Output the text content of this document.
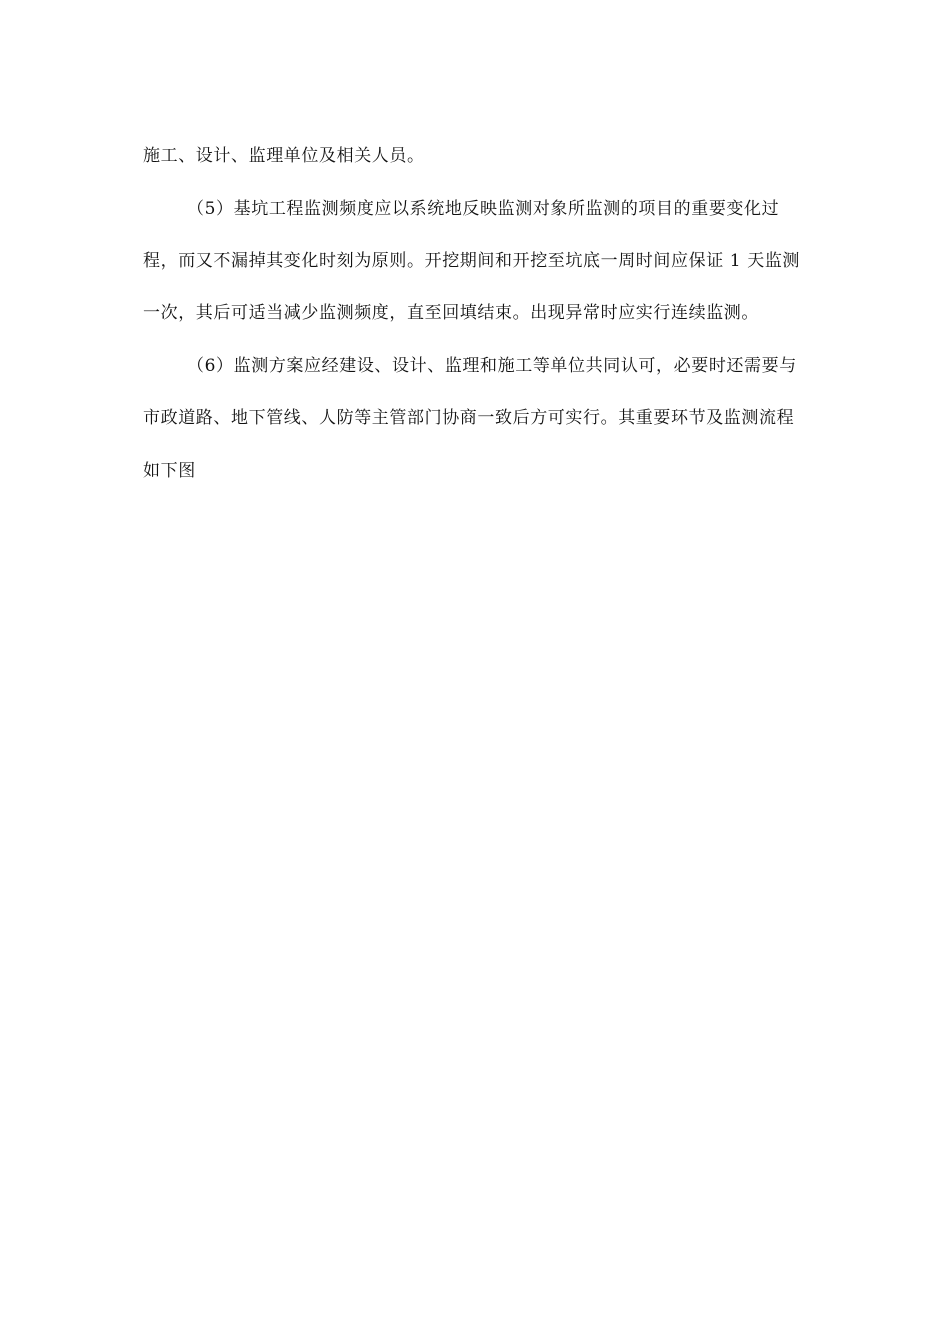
施工、设计、监理单位及相关人员。
（5）基坑工程监测频度应以系统地反映监测对象所监测的项目的重要变化过
程，而又不漏掉其变化时刻为原则。开挖期间和开挖至坑底一周时间应保证 1 天监测
一次，其后可适当减少监测频度，直至回填结束。出现异常时应实行连续监测。
（6）监测方案应经建设、设计、监理和施工等单位共同认可，必要时还需要与
市政道路、地下管线、人防等主管部门协商一致后方可实行。其重要环节及监测流程
如下图
